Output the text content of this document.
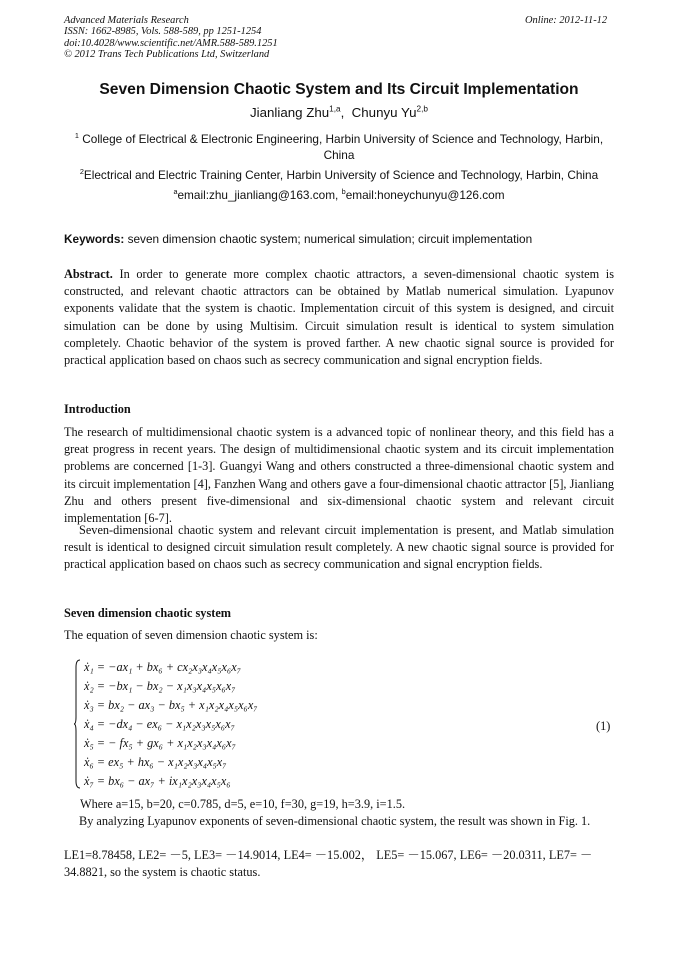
Advanced Materials Research
ISSN: 1662-8985, Vols. 588-589, pp 1251-1254
doi:10.4028/www.scientific.net/AMR.588-589.1251
© 2012 Trans Tech Publications Ltd, Switzerland
Online: 2012-11-12
Seven Dimension Chaotic System and Its Circuit Implementation
Jianliang Zhu$^{1,a}$, Chunyu Yu$^{2,b}$
$^1$ College of Electrical & Electronic Engineering, Harbin University of Science and Technology, Harbin, China
$^2$Electrical and Electric Training Center, Harbin University of Science and Technology, Harbin, China
$^a$email:zhu_jianliang@163.com, $^b$email:honeychunyu@126.com
Keywords: seven dimension chaotic system; numerical simulation; circuit implementation
Abstract. In order to generate more complex chaotic attractors, a seven-dimensional chaotic system is constructed, and relevant chaotic attractors can be obtained by Matlab numerical simulation. Lyapunov exponents validate that the system is chaotic. Implementation circuit of this system is designed, and circuit simulation can be done by using Multisim. Circuit simulation result is identical to system simulation completely. Chaotic behavior of the system is proved farther. A new chaotic signal source is provided for practical application based on chaos such as secrecy communication and signal encryption fields.
Introduction
The research of multidimensional chaotic system is a advanced topic of nonlinear theory, and this field has a great progress in recent years. The design of multidimensional chaotic system and its circuit implementation problems are concerned [1-3]. Guangyi Wang and others constructed a three-dimensional chaotic system and its circuit implementation [4], Fanzhen Wang and others gave a four-dimensional chaotic attractor [5], Jianliang Zhu and others present five-dimensional and six-dimensional chaotic system and relevant circuit implementation [6-7].
Seven-dimensional chaotic system and relevant circuit implementation is present, and Matlab simulation result is identical to designed circuit simulation result completely. A new chaotic signal source is provided for practical application based on chaos such as secrecy communication and signal encryption fields.
Seven dimension chaotic system
The equation of seven dimension chaotic system is:
ẋ₁ = −ax₁ + bx₆ + cx₂x₃x₄x₅x₆x₇
ẋ₂ = −bx₁ − bx₂ − x₁x₃x₄x₅x₆x₇
ẋ₃ = bx₂ − ax₃ − bx₅ + x₁x₂x₄x₅x₆x₇
ẋ₄ = −dx₄ − ex₆ − x₁x₂x₃x₅x₆x₇
ẋ₅ = − fx₅ + gx₆ + x₁x₂x₃x₄x₆x₇
ẋ₆ = ex₅ + hx₆ − x₁x₂x₃x₄x₅x₇
ẋ₇ = bx₆ − ax₇ + ix₁x₂x₃x₄x₅x₆
(1)
Where a=15, b=20, c=0.785, d=5, e=10, f=30, g=19, h=3.9, i=1.5.
By analyzing Lyapunov exponents of seven-dimensional chaotic system, the result was shown in Fig. 1.
LE1=8.78458, LE2= －5, LE3= －14.9014, LE4= －15.002， LE5= －15.067, LE6= －20.0311, LE7= －34.8821, so the system is chaotic status.
